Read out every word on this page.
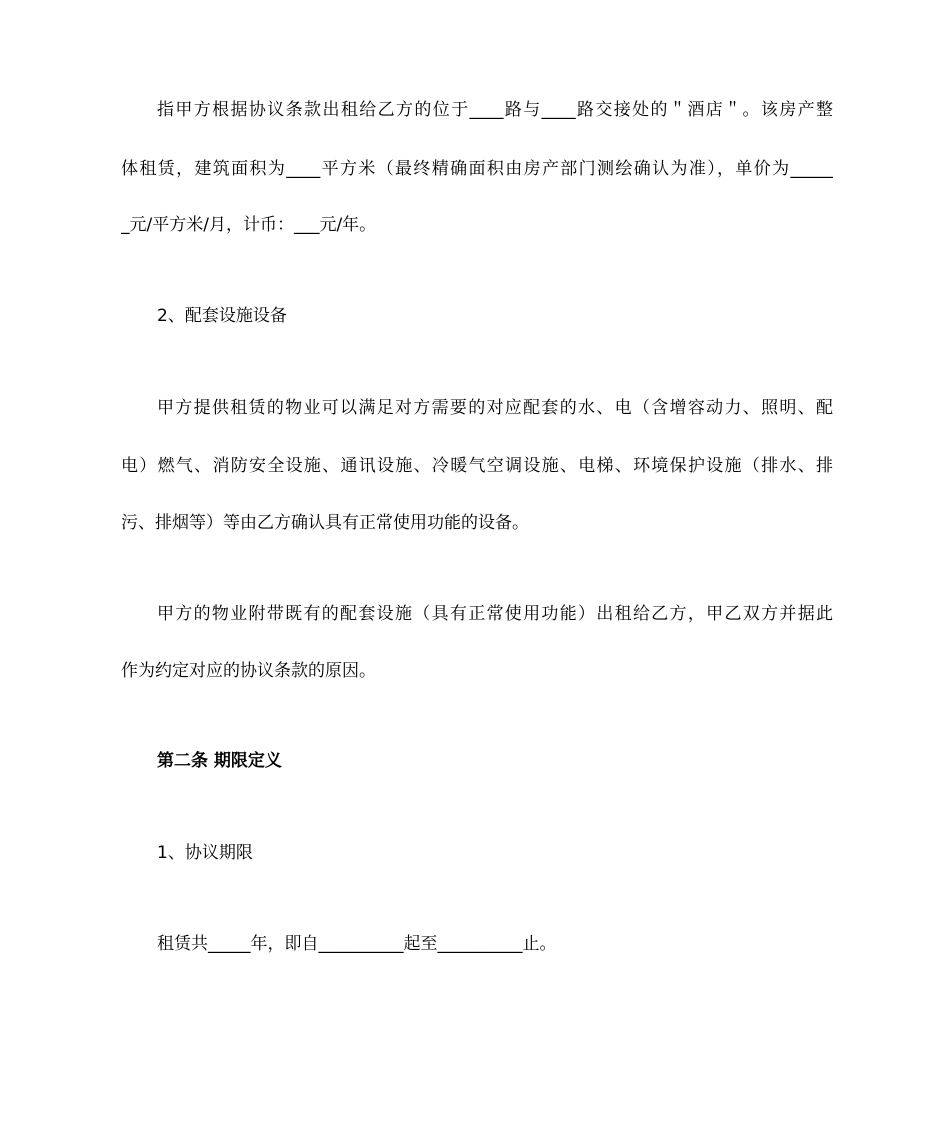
指甲方根据协议条款出租给乙方的位于____路与____路交接处的＂酒店＂。该房产整
体租赁，建筑面积为____平方米（最终精确面积由房产部门测绘确认为准），单价为_____
_元/平方米/月，计币：___元/年。
2、配套设施设备
甲方提供租赁的物业可以满足对方需要的对应配套的水、电（含增容动力、照明、配
电）燃气、消防安全设施、通讯设施、冷暖气空调设施、电梯、环境保护设施（排水、排
污、排烟等）等由乙方确认具有正常使用功能的设备。
甲方的物业附带既有的配套设施（具有正常使用功能）出租给乙方，甲乙双方并据此
作为约定对应的协议条款的原因。
第二条 期限定义
1、协议期限
租赁共_____年，即自__________起至__________止。
